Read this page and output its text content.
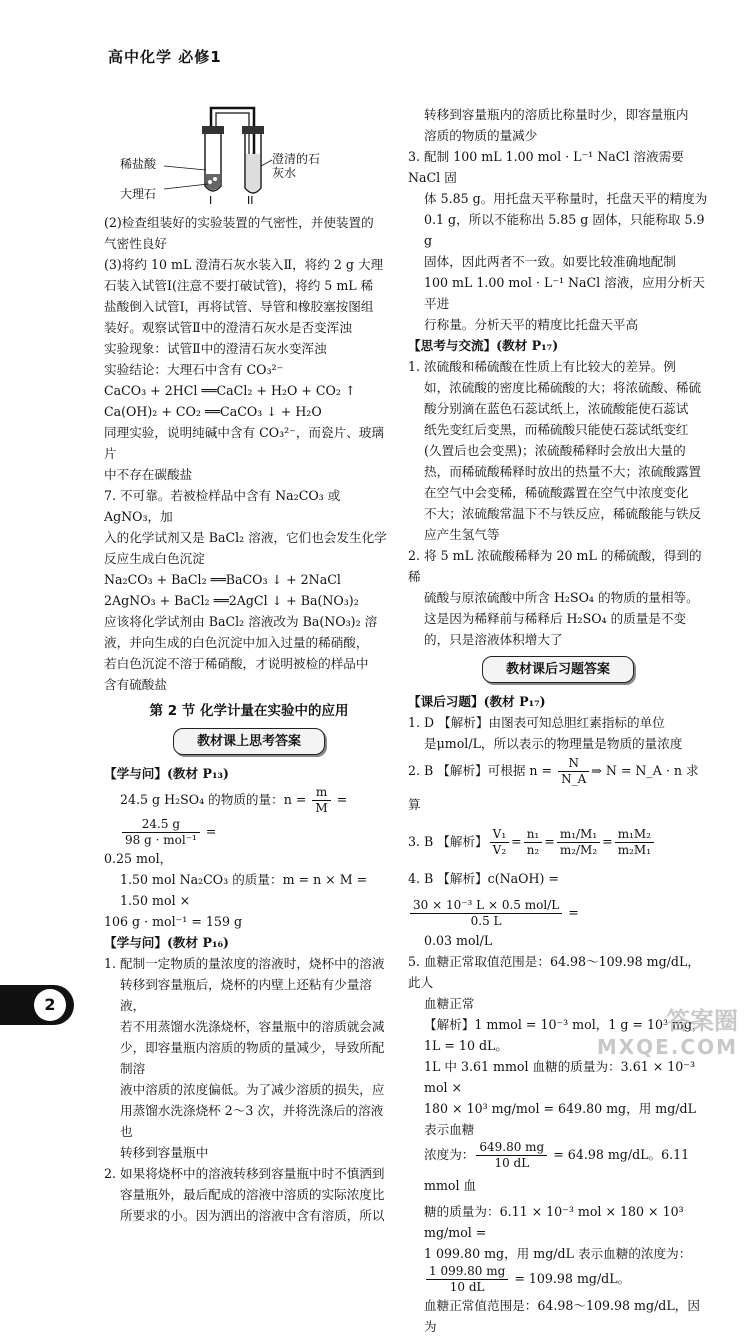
高中化学 必修1
I	II
稀盐酸
大理石
澄清的石灰水

(2)检查组装好的实验装置的气密性，并使装置的

气密性良好

(3)将约 10 mL 澄清石灰水装入Ⅱ，将约 2 g 大理

石装入试管Ⅰ(注意不要打破试管)，将约 5 mL 稀

盐酸倒入试管Ⅰ，再将试管、导管和橡胶塞按图组

装好。观察试管Ⅱ中的澄清石灰水是否变浑浊

实验现象：试管Ⅱ中的澄清石灰水变浑浊

实验结论：大理石中含有 CO₃²⁻

CaCO₃ + 2HCl ══CaCl₂ + H₂O + CO₂ ↑

Ca(OH)₂ + CO₂ ══CaCO₃ ↓ + H₂O

同理实验，说明纯碱中含有 CO₃²⁻，而瓷片、玻璃片

中不存在碳酸盐

7. 不可靠。若被检样品中含有 Na₂CO₃ 或 AgNO₃，加

入的化学试剂又是 BaCl₂ 溶液，它们也会发生化学

反应生成白色沉淀

Na₂CO₃ + BaCl₂ ══BaCO₃ ↓ + 2NaCl

2AgNO₃ + BaCl₂ ══2AgCl ↓ + Ba(NO₃)₂

应该将化学试剂由 BaCl₂ 溶液改为 Ba(NO₃)₂ 溶

液，并向生成的白色沉淀中加入过量的稀硝酸，

若白色沉淀不溶于稀硝酸，才说明被检的样品中

含有硫酸盐

第 2 节 化学计量在实验中的应用
教材课上思考答案

【学与问】(教材 P₁₃)

24.5 g H₂SO₄ 的物质的量：$n = \frac{m}{M}$ =
$\frac{24.5 g}{\text{98 g · mol⁻¹}}$ =

0.25 mol，

1.50 mol Na₂CO₃ 的质量：m = n × M = 1.50 mol ×

106 g · mol⁻¹ = 159 g

【学与问】(教材 P₁₆)

1. 配制一定物质的量浓度的溶液时，烧杯中的溶液

转移到容量瓶后，烧杯的内壁上还粘有少量溶液，

若不用蒸馏水洗涤烧杯，容量瓶中的溶质就会减

少，即容量瓶内溶质的物质的量减少，导致所配制溶

液中溶质的浓度偏低。为了减少溶质的损失，应

用蒸馏水洗涤烧杯 2～3 次，并将洗涤后的溶液也

转移到容量瓶中

2. 如果将烧杯中的溶液转移到容量瓶中时不慎洒到

容量瓶外，最后配成的溶液中溶质的实际浓度比

所要求的小。因为洒出的溶液中含有溶质，所以

转移到容量瓶内的溶质比称量时少，即容量瓶内

溶质的物质的量减少

3. 配制 100 mL 1.00 mol · L⁻¹ NaCl 溶液需要 NaCl 固

体 5.85 g。用托盘天平称量时，托盘天平的精度为

0.1 g，所以不能称出 5.85 g 固体，只能称取 5.9 g

固体，因此两者不一致。如要比较准确地配制

100 mL 1.00 mol · L⁻¹ NaCl 溶液，应用分析天平进

行称量。分析天平的精度比托盘天平高

【思考与交流】(教材 P₁₇)

1. 浓硫酸和稀硫酸在性质上有比较大的差异。例

如，浓硫酸的密度比稀硫酸的大；将浓硫酸、稀硫

酸分别滴在蓝色石蕊试纸上，浓硫酸能使石蕊试

纸先变红后变黑，而稀硫酸只能使石蕊试纸变红

(久置后也会变黑)；浓硫酸稀释时会放出大量的

热，而稀硫酸稀释时放出的热量不大；浓硫酸露置

在空气中会变稀，稀硫酸露置在空气中浓度变化

不大；浓硫酸常温下不与铁反应，稀硫酸能与铁反

应产生氢气等

2. 将 5 mL 浓硫酸稀释为 20 mL 的稀硫酸，得到的稀

硫酸与原浓硫酸中所含 H₂SO₄ 的物质的量相等。

这是因为稀释前与稀释后 H₂SO₄ 的质量是不变

的，只是溶液体积增大了

教材课后习题答案

【课后习题】(教材 P₁₇)

1. D 【解析】由图表可知总胆红素指标的单位

是μmol/L，所以表示的物理量是物质的量浓度

2. B 【解析】可根据 $n = \frac{N}{N\_A}$ ⇒ N = N_A · n 求算

3. B 【解析】 $\frac{\text{V₁}}{\text{V₂}} = \frac{\text{n₁}}{\text{n₂}} = \frac{\text{m₁/M₁}}{\text{m₂/M₂}} = \frac{\text{m₁M₂}}{\text{m₂M₁}}$

4. B 【解析】c(NaOH) =
$\frac{\text{30 × 10⁻³ L × 0.5 mol/L}}{0.5 L}$ =

0.03 mol/L

5. 血糖正常取值范围是：64.98～109.98 mg/dL，此人

血糖正常

【解析】1 mmol = 10⁻³ mol，1 g = 10³ mg，1L = 10 dL。

1L 中 3.61 mmol 血糖的质量为：3.61 × 10⁻³ mol ×

180 × 10³ mg/mol = 649.80 mg，用 mg/dL 表示血糖

浓度为： $\frac{649.80 mg}{10 dL} = 64.98$ mg/dL。6.11 mmol 血

糖的质量为：6.11 × 10⁻³ mol × 180 × 10³ mg/mol =

1 099.80 mg，用 mg/dL 表示血糖的浓度为：

$\frac{1 099.80 mg}{10 dL} = 109.98$ mg/dL。

血糖正常值范围是：64.98～109.98 mg/dL，因为

2
答案圈
MXQE.COM
